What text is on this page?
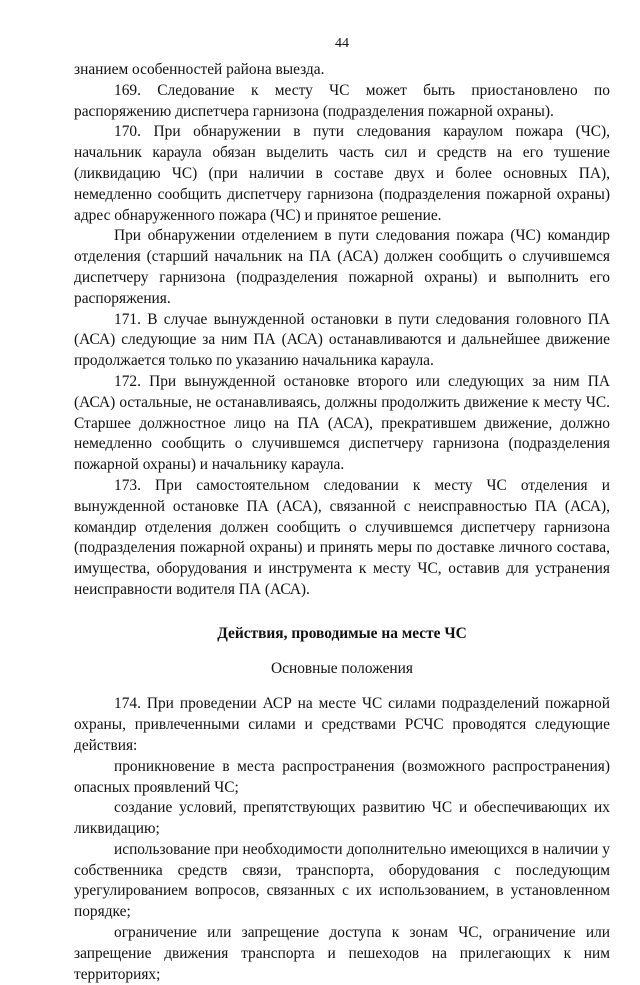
44

знанием особенностей района выезда.

169. Следование к месту ЧС может быть приостановлено по распоряжению диспетчера гарнизона (подразделения пожарной охраны).

170. При обнаружении в пути следования караулом пожара (ЧС), начальник караула обязан выделить часть сил и средств на его тушение (ликвидацию ЧС) (при наличии в составе двух и более основных ПА), немедленно сообщить диспетчеру гарнизона (подразделения пожарной охраны) адрес обнаруженного пожара (ЧС) и принятое решение.

При обнаружении отделением в пути следования пожара (ЧС) командир отделения (старший начальник на ПА (АСА) должен сообщить о случившемся диспетчеру гарнизона (подразделения пожарной охраны) и выполнить его распоряжения.

171. В случае вынужденной остановки в пути следования головного ПА (АСА) следующие за ним ПА (АСА) останавливаются и дальнейшее движение продолжается только по указанию начальника караула.

172. При вынужденной остановке второго или следующих за ним ПА (АСА) остальные, не останавливаясь, должны продолжить движение к месту ЧС. Старшее должностное лицо на ПА (АСА), прекратившем движение, должно немедленно сообщить о случившемся диспетчеру гарнизона (подразделения пожарной охраны) и начальнику караула.

173. При самостоятельном следовании к месту ЧС отделения и вынужденной остановке ПА (АСА), связанной с неисправностью ПА (АСА), командир отделения должен сообщить о случившемся диспетчеру гарнизона (подразделения пожарной охраны) и принять меры по доставке личного состава, имущества, оборудования и инструмента к месту ЧС, оставив для устранения неисправности водителя ПА (АСА).

Действия, проводимые на месте ЧС

Основные положения

174. При проведении АСР на месте ЧС силами подразделений пожарной охраны, привлеченными силами и средствами РСЧС проводятся следующие действия:

проникновение в места распространения (возможного распространения) опасных проявлений ЧС;

создание условий, препятствующих развитию ЧС и обеспечивающих их ликвидацию;

использование при необходимости дополнительно имеющихся в наличии у собственника средств связи, транспорта, оборудования с последующим урегулированием вопросов, связанных с их использованием, в установленном порядке;

ограничение или запрещение доступа к зонам ЧС, ограничение или запрещение движения транспорта и пешеходов на прилегающих к ним территориях;
